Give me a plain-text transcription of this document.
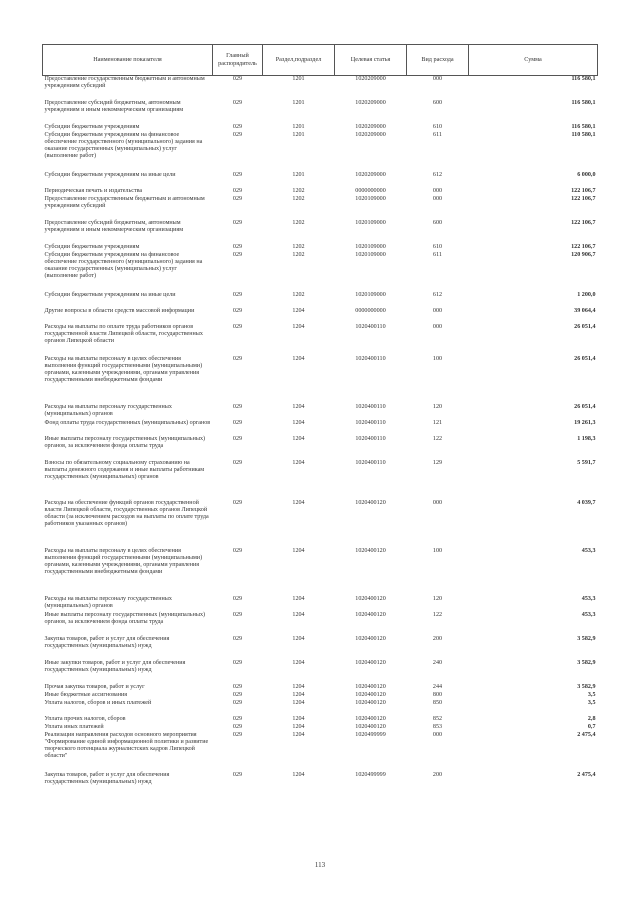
Наименование показателя	Главный распорядитель	Раздел,подраздел	Целевая статья	Вид расхода	Сумма
Предоставление государственным бюджетным и автономным учреждениям субсидий	029	1201	1020209000	000	116 580,1
Предоставление субсидий бюджетным, автономным учреждениям и иным некоммерческим организациям	029	1201	1020209000	600	116 580,1
Субсидии бюджетным учреждениям	029	1201	1020209000	610	116 580,1
Субсидии бюджетным учреждениям на финансовое обеспечение государственного (муниципального) задания на оказание государственных (муниципальных) услуг (выполнение работ)	029	1201	1020209000	611	110 580,1
Субсидии бюджетным учреждениям на иные цели	029	1201	1020209000	612	6 000,0
Периодическая печать и издательства	029	1202	0000000000	000	122 106,7
Предоставление государственным бюджетным и автономным учреждениям субсидий	029	1202	1020109000	000	122 106,7
Предоставление субсидий бюджетным, автономным учреждениям и иным некоммерческим организациям	029	1202	1020109000	600	122 106,7
Субсидии бюджетным учреждениям	029	1202	1020109000	610	122 106,7
Субсидии бюджетным учреждениям на финансовое обеспечение государственного (муниципального) задания на оказание государственных (муниципальных) услуг (выполнение работ)	029	1202	1020109000	611	120 906,7
Субсидии бюджетным учреждениям на иные цели	029	1202	1020109000	612	1 200,0
Другие вопросы в области средств массовой информации	029	1204	0000000000	000	39 064,4
Расходы на выплаты по оплате труда работников органов государственной власти Липецкой области, государственных органов Липецкой области	029	1204	1020400110	000	26 051,4
Расходы на выплаты персоналу в целях обеспечения выполнения функций государственными (муниципальными) органами, казенными учреждениями, органами управления государственными внебюджетными фондами	029	1204	1020400110	100	26 051,4
Расходы на выплаты персоналу государственных (муниципальных) органов	029	1204	1020400110	120	26 051,4
Фонд оплаты труда государственных (муниципальных) органов	029	1204	1020400110	121	19 261,3
Иные выплаты персоналу государственных (муниципальных) органов, за исключением фонда оплаты труда	029	1204	1020400110	122	1 198,3
Взносы по обязательному социальному страхованию на выплаты денежного содержания и иные выплаты работникам государственных (муниципальных) органов	029	1204	1020400110	129	5 591,7
Расходы на обеспечение функций органов государственной власти Липецкой области, государственных органов Липецкой области (за исключением расходов на выплаты по оплате труда работников указанных органов)	029	1204	1020400120	000	4 039,7
Расходы на выплаты персоналу в целях обеспечения выполнения функций государственными (муниципальными) органами, казенными учреждениями, органами управления государственными внебюджетными фондами	029	1204	1020400120	100	453,3
Расходы на выплаты персоналу государственных (муниципальных) органов	029	1204	1020400120	120	453,3
Иные выплаты персоналу государственных (муниципальных) органов, за исключением фонда оплаты труда	029	1204	1020400120	122	453,3
Закупка товаров, работ и услуг для обеспечения государственных (муниципальных) нужд	029	1204	1020400120	200	3 582,9
Иные закупки товаров, работ и услуг для обеспечения государственных (муниципальных) нужд	029	1204	1020400120	240	3 582,9
Прочая закупка товаров, работ и услуг	029	1204	1020400120	244	3 582,9
Иные бюджетные ассигнования	029	1204	1020400120	800	3,5
Уплата налогов, сборов и иных платежей	029	1204	1020400120	850	3,5
Уплата прочих налогов, сборов	029	1204	1020400120	852	2,8
Уплата иных платежей	029	1204	1020400120	853	0,7
Реализация направления расходов основного мероприятия "Формирование единой информационной политики и развитие творческого потенциала журналистских кадров Липецкой области"	029	1204	1020499999	000	2 475,4
Закупка товаров, работ и услуг для обеспечения государственных (муниципальных) нужд	029	1204	1020499999	200	2 475,4
113
